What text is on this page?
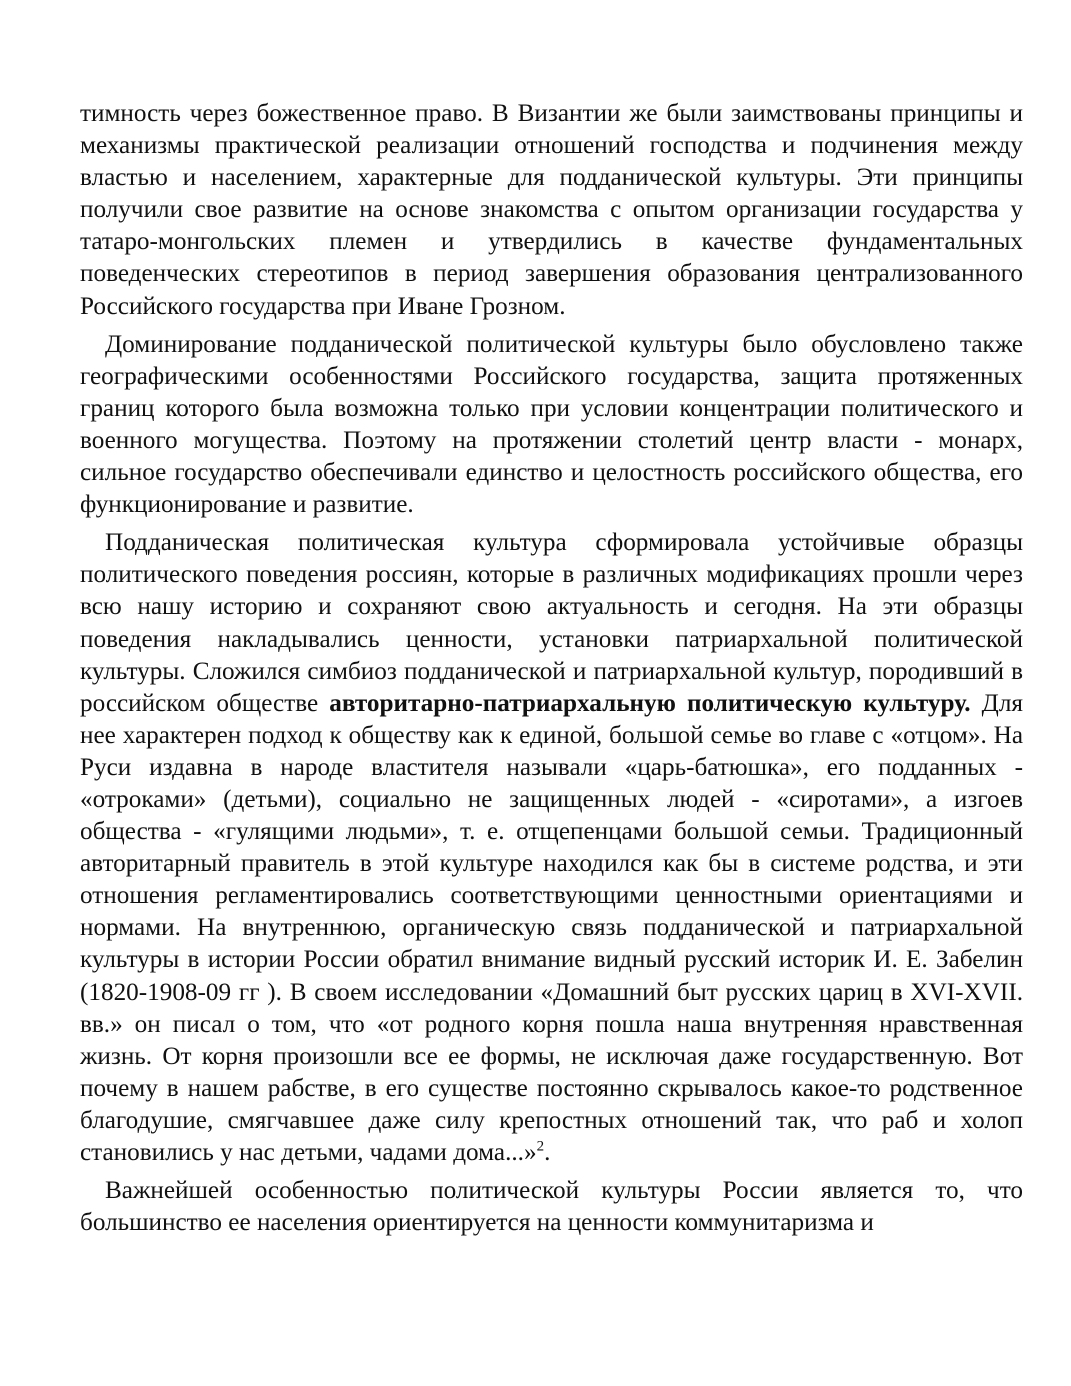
тимность через божественное право. В Византии же были заимствованы принципы и механизмы практической реализации отношений господства и подчинения между властью и населением, характерные для подданической культуры. Эти принципы получили свое развитие на основе знакомства с опытом организации государства у татаро-монгольских племен и утвердились в качестве фундаментальных поведенческих стереотипов в период завершения образования централизованного Российского государства при Иване Грозном.

Доминирование подданической политической культуры было обусловлено также географическими особенностями Российского государства, защита протяженных границ которого была возможна только при условии концентрации политического и военного могущества. Поэтому на протяжении столетий центр власти - монарх, сильное государство обеспечивали единство и целостность российского общества, его функционирование и развитие.

Подданическая политическая культура сформировала устойчивые образцы политического поведения россиян, которые в различных модификациях прошли через всю нашу историю и сохраняют свою актуальность и сегодня. На эти образцы поведения накладывались ценности, установки патриархальной политической культуры. Сложился симбиоз подданической и патриархальной культур, породивший в российском обществе авторитарно-патриархальную политическую культуру. Для нее характерен подход к обществу как к единой, большой семье во главе с «отцом». На Руси издавна в народе властителя называли «царь-батюшка», его подданных - «отроками» (детьми), социально не защищенных людей - «сиротами», а изгоев общества - «гулящими людьми», т. е. отщепенцами большой семьи. Традиционный авторитарный правитель в этой культуре находился как бы в системе родства, и эти отношения регламентировались соответствующими ценностными ориентациями и нормами. На внутреннюю, органическую связь подданической и патриархальной культуры в истории России обратил внимание видный русский историк И. Е. Забелин (1820-1908-09 гг ). В своем исследовании «Домашний быт русских цариц в XVI-XVII. вв.» он писал о том, что «от родного корня пошла наша внутренняя нравственная жизнь. От корня произошли все ее формы, не исключая даже государственную. Вот почему в нашем рабстве, в его существе постоянно скрывалось какое-то родственное благодушие, смягчавшее даже силу крепостных отношений так, что раб и холоп становились у нас детьми, чадами дома...»$^2$.

Важнейшей особенностью политической культуры России является то, что большинство ее населения ориентируется на ценности коммунитаризма и
